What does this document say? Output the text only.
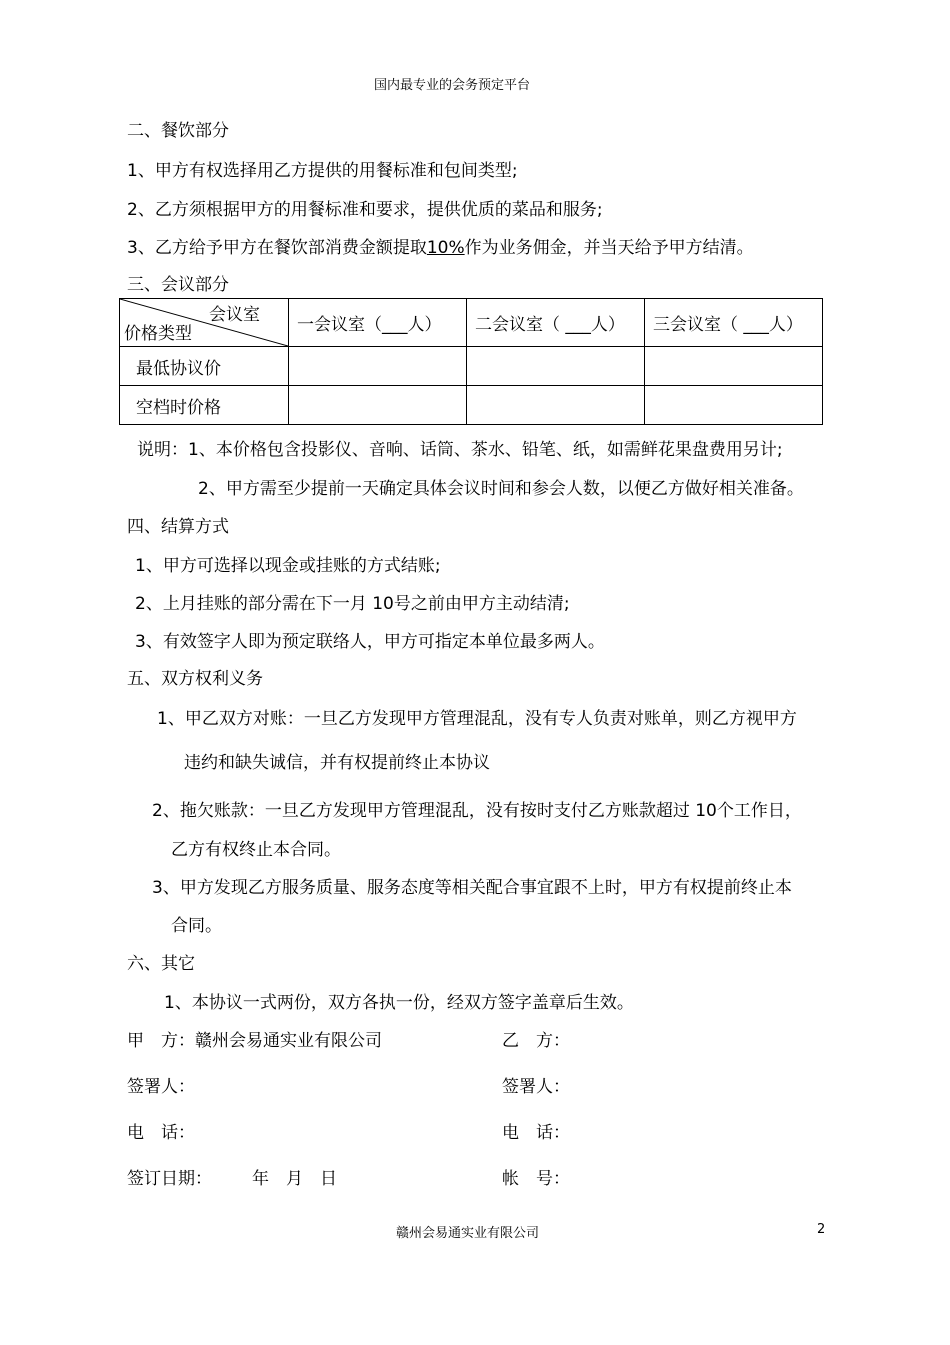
国内最专业的会务预定平台
二、餐饮部分
1、甲方有权选择用乙方提供的用餐标准和包间类型;
2、乙方须根据甲方的用餐标准和要求，提供优质的菜品和服务;
3、乙方给予甲方在餐饮部消费金额提取10%作为业务佣金，并当天给予甲方结清。
三、会议部分
会议室
价格类型	一会议室（___人）	二会议室（ ___人）	三会议室（ ___人）
最低协议价			
空档时价格			
说明：1、本价格包含投影仪、音响、话筒、茶水、铅笔、纸，如需鲜花果盘费用另计;
2、甲方需至少提前一天确定具体会议时间和参会人数，以便乙方做好相关准备。
四、结算方式
1、甲方可选择以现金或挂账的方式结账;
2、上月挂账的部分需在下一月 10号之前由甲方主动结清;
3、有效签字人即为预定联络人，甲方可指定本单位最多两人。
五、双方权利义务
1、甲乙双方对账：一旦乙方发现甲方管理混乱，没有专人负责对账单，则乙方视甲方
违约和缺失诚信，并有权提前终止本协议
2、拖欠账款：一旦乙方发现甲方管理混乱，没有按时支付乙方账款超过 10个工作日，
乙方有权终止本合同。
3、甲方发现乙方服务质量、服务态度等相关配合事宜跟不上时，甲方有权提前终止本
合同。
六、其它
1、本协议一式两份，双方各执一份，经双方签字盖章后生效。
甲　方：赣州会易通实业有限公司	乙　方：
签署人：	签署人：
电　话：	电　话：
签订日期： 年　月　日	帐　号：
2
赣州会易通实业有限公司
